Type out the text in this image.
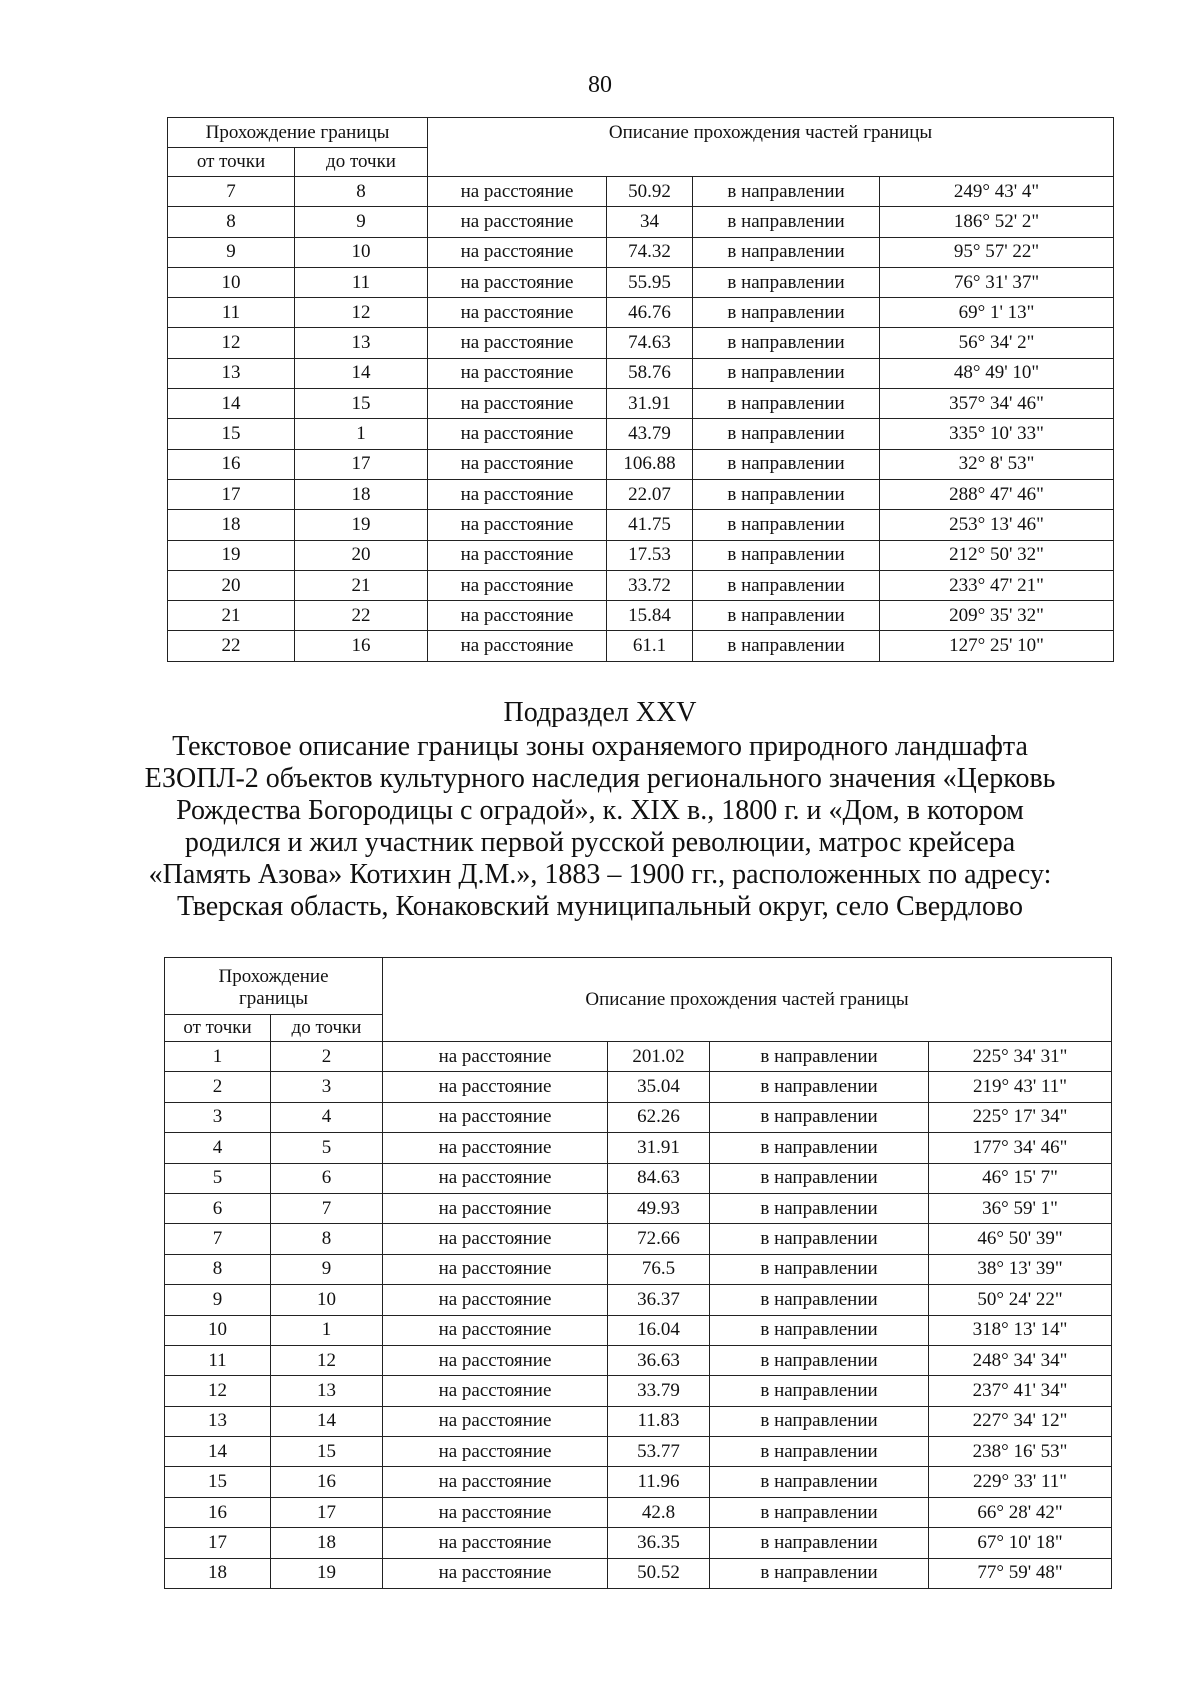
80
Прохождение границы		Описание прохождения частей границы			
от точки	до точки				
7	8	на расстояние	50.92	в направлении	249° 43' 4"
8	9	на расстояние	34	в направлении	186° 52' 2"
9	10	на расстояние	74.32	в направлении	95° 57' 22"
10	11	на расстояние	55.95	в направлении	76° 31' 37"
11	12	на расстояние	46.76	в направлении	69° 1' 13"
12	13	на расстояние	74.63	в направлении	56° 34' 2"
13	14	на расстояние	58.76	в направлении	48° 49' 10"
14	15	на расстояние	31.91	в направлении	357° 34' 46"
15	1	на расстояние	43.79	в направлении	335° 10' 33"
16	17	на расстояние	106.88	в направлении	32° 8' 53"
17	18	на расстояние	22.07	в направлении	288° 47' 46"
18	19	на расстояние	41.75	в направлении	253° 13' 46"
19	20	на расстояние	17.53	в направлении	212° 50' 32"
20	21	на расстояние	33.72	в направлении	233° 47' 21"
21	22	на расстояние	15.84	в направлении	209° 35' 32"
22	16	на расстояние	61.1	в направлении	127° 25' 10"
Подраздел XXV
Текстовое описание границы зоны охраняемого природного ландшафта
ЕЗОПЛ-2 объектов культурного наследия регионального значения «Церковь
Рождества Богородицы с оградой», к. XIX в., 1800 г. и «Дом, в котором
родился и жил участник первой русской революции, матрос крейсера
«Память Азова» Котихин Д.М.», 1883 – 1900 гг., расположенных по адресу:
Тверская область, Конаковский муниципальный округ, село Свердлово
Прохождение
границы		Описание прохождения частей границы			
от точки	до точки				
1	2	на расстояние	201.02	в направлении	225° 34' 31"
2	3	на расстояние	35.04	в направлении	219° 43' 11"
3	4	на расстояние	62.26	в направлении	225° 17' 34"
4	5	на расстояние	31.91	в направлении	177° 34' 46"
5	6	на расстояние	84.63	в направлении	46° 15' 7"
6	7	на расстояние	49.93	в направлении	36° 59' 1"
7	8	на расстояние	72.66	в направлении	46° 50' 39"
8	9	на расстояние	76.5	в направлении	38° 13' 39"
9	10	на расстояние	36.37	в направлении	50° 24' 22"
10	1	на расстояние	16.04	в направлении	318° 13' 14"
11	12	на расстояние	36.63	в направлении	248° 34' 34"
12	13	на расстояние	33.79	в направлении	237° 41' 34"
13	14	на расстояние	11.83	в направлении	227° 34' 12"
14	15	на расстояние	53.77	в направлении	238° 16' 53"
15	16	на расстояние	11.96	в направлении	229° 33' 11"
16	17	на расстояние	42.8	в направлении	66° 28' 42"
17	18	на расстояние	36.35	в направлении	67° 10' 18"
18	19	на расстояние	50.52	в направлении	77° 59' 48"
